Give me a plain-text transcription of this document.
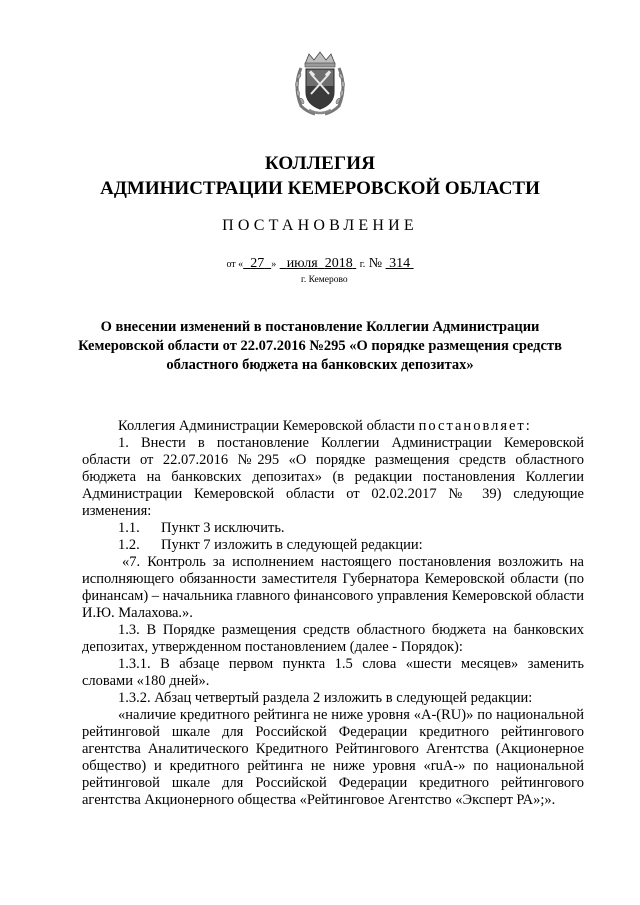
КОЛЛЕГИЯ
АДМИНИСТРАЦИИ КЕМЕРОВСКОЙ ОБЛАСТИ
ПОСТАНОВЛЕНИЕ
от « 27 » июля 2018 г. № 314
г. Кемерово
О внесении изменений в постановление Коллегии Администрации Кемеровской области от 22.07.2016 №295 «О порядке размещения средств областного бюджета на банковских депозитах»

Коллегия Администрации Кемеровской области постановляет:

1. Внести в постановление Коллегии Администрации Кемеровской области от 22.07.2016 №295 «О порядке размещения средств областного бюджета на банковских депозитах» (в редакции постановления Коллегии Администрации Кемеровской области от 02.02.2017 № 39) следующие изменения:

1.1. Пункт 3 исключить.
1.2. Пункт 7 изложить в следующей редакции:

«7. Контроль за исполнением настоящего постановления возложить на исполняющего обязанности заместителя Губернатора Кемеровской области (по финансам) – начальника главного финансового управления Кемеровской области И.Ю. Малахова.».

1.3. В Порядке размещения средств областного бюджета на банковских депозитах, утвержденном постановлением (далее - Порядок):

1.3.1. В абзаце первом пункта 1.5 слова «шести месяцев» заменить словами «180 дней».

1.3.2. Абзац четвертый раздела 2 изложить в следующей редакции:

«наличие кредитного рейтинга не ниже уровня «A-(RU)» по национальной рейтинговой шкале для Российской Федерации кредитного рейтингового агентства Аналитического Кредитного Рейтингового Агентства (Акционерное общество) и кредитного рейтинга не ниже уровня «ruA-» по национальной рейтинговой шкале для Российской Федерации кредитного рейтингового агентства Акционерного общества «Рейтинговое Агентство «Эксперт РА»;».
